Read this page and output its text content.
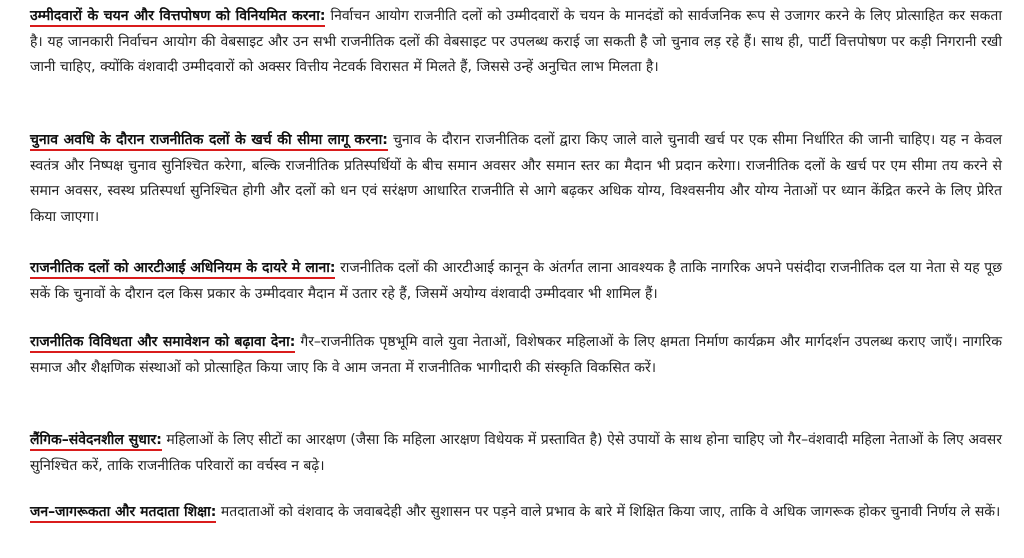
उम्मीदवारों के चयन और वित्तपोषण को विनियमित करना: निर्वाचन आयोग राजनीति दलों को उम्मीदवारों के चयन के मानदंडों को सार्वजनिक रूप से उजागर करने के लिए प्रोत्साहित कर सकता है। यह जानकारी निर्वाचन आयोग की वेबसाइट और उन सभी राजनीतिक दलों की वेबसाइट पर उपलब्ध कराई जा सकती है जो चुनाव लड़ रहे हैं। साथ ही, पार्टी वित्तपोषण पर कड़ी निगरानी रखी जानी चाहिए, क्योंकि वंशवादी उम्मीदवारों को अक्सर वित्तीय नेटवर्क विरासत में मिलते हैं, जिससे उन्हें अनुचित लाभ मिलता है।

चुनाव अवधि के दौरान राजनीतिक दलों के खर्च की सीमा लागू करना: चुनाव के दौरान राजनीतिक दलों द्वारा किए जाले वाले चुनावी खर्च पर एक सीमा निर्धारित की जानी चाहिए। यह न केवल स्वतंत्र और निष्पक्ष चुनाव सुनिश्चित करेगा, बल्कि राजनीतिक प्रतिस्पर्धियों के बीच समान अवसर और समान स्तर का मैदान भी प्रदान करेगा। राजनीतिक दलों के खर्च पर एम सीमा तय करने से समान अवसर, स्वस्थ प्रतिस्पर्धा सुनिश्चित होगी और दलों को धन एवं सरंक्षण आधारित राजनीति से आगे बढ़कर अधिक योग्य, विश्वसनीय और योग्य नेताओं पर ध्यान केंद्रित करने के लिए प्रेरित किया जाएगा।

राजनीतिक दलों को आरटीआई अधिनियम के दायरे मे लाना: राजनीतिक दलों की आरटीआई कानून के अंतर्गत लाना आवश्यक है ताकि नागरिक अपने पसंदीदा राजनीतिक दल या नेता से यह पूछ सकें कि चुनावों के दौरान दल किस प्रकार के उम्मीदवार मैदान में उतार रहे हैं, जिसमें अयोग्य वंशवादी उम्मीदवार भी शामिल हैं।

राजनीतिक विविधता और समावेशन को बढ़ावा देना: गैर–राजनीतिक पृष्ठभूमि वाले युवा नेताओं, विशेषकर महिलाओं के लिए क्षमता निर्माण कार्यक्रम और मार्गदर्शन उपलब्ध कराए जाएँ। नागरिक समाज और शैक्षणिक संस्थाओं को प्रोत्साहित किया जाए कि वे आम जनता में राजनीतिक भागीदारी की संस्कृति विकसित करें।

लैंगिक–संवेदनशील सुधार: महिलाओं के लिए सीटों का आरक्षण (जैसा कि महिला आरक्षण विधेयक में प्रस्तावित है) ऐसे उपायों के साथ होना चाहिए जो गैर–वंशवादी महिला नेताओं के लिए अवसर सुनिश्चित करें, ताकि राजनीतिक परिवारों का वर्चस्व न बढ़े।

जन–जागरूकता और मतदाता शिक्षा: मतदाताओं को वंशवाद के जवाबदेही और सुशासन पर पड़ने वाले प्रभाव के बारे में शिक्षित किया जाए, ताकि वे अधिक जागरूक होकर चुनावी निर्णय ले सकें।
